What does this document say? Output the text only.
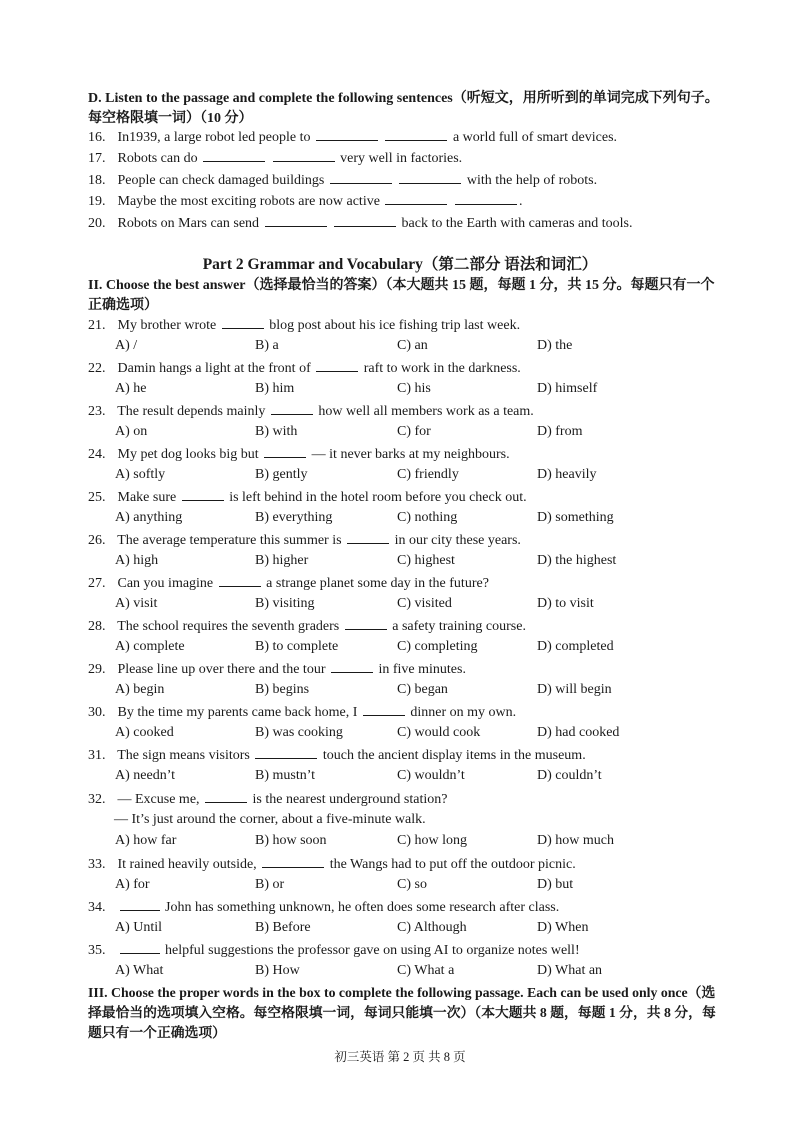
D. Listen to the passage and complete the following sentences（听短文，用所听到的单词完成下列句子。每空格限填一词）（10 分）
16. In1939, a large robot led people to	a world full of smart devices.
17. Robots can do	very well in factories.
18. People can check damaged buildings	with the help of robots.
19. Maybe the most exciting robots are now active	.
20. Robots on Mars can send	back to the Earth with cameras and tools.
Part 2 Grammar and Vocabulary（第二部分 语法和词汇）
II. Choose the best answer（选择最恰当的答案）（本大题共 15 题，每题 1 分，共 15 分。每题只有一个正确选项）
21. My brother wrote	blog post about his ice fishing trip last week.
A) /	B) a	C) an	D) the
22. Damin hangs a light at the front of	raft to work in the darkness.
A) he	B) him	C) his	D) himself
23. The result depends mainly	how well all members work as a team.
A) on	B) with	C) for	D) from
24. My pet dog looks big but	— it never barks at my neighbours.
A) softly	B) gently	C) friendly	D) heavily
25. Make sure	is left behind in the hotel room before you check out.
A) anything	B) everything	C) nothing	D) something
26. The average temperature this summer is	in our city these years.
A) high	B) higher	C) highest	D) the highest
27. Can you imagine	a strange planet some day in the future?
A) visit	B) visiting	C) visited	D) to visit
28. The school requires the seventh graders	a safety training course.
A) complete	B) to complete	C) completing	D) completed
29. Please line up over there and the tour	in five minutes.
A) begin	B) begins	C) began	D) will begin
30. By the time my parents came back home, I	dinner on my own.
A) cooked	B) was cooking	C) would cook	D) had cooked
31. The sign means visitors	touch the ancient display items in the museum.
A) needn’t	B) mustn’t	C) wouldn’t	D) couldn’t
32. — Excuse me,	is the nearest underground station?
— It’s just around the corner, about a five-minute walk.
A) how far	B) how soon	C) how long	D) how much
33. It rained heavily outside,	the Wangs had to put off the outdoor picnic.
A) for	B) or	C) so	D) but
34.	John has something unknown, he often does some research after class.
A) Until	B) Before	C) Although	D) When
35.	helpful suggestions the professor gave on using AI to organize notes well!
A) What	B) How	C) What a	D) What an
III. Choose the proper words in the box to complete the following passage. Each can be used only once（选择最恰当的选项填入空格。每空格限填一词，每词只能填一次）（本大题共 8 题，每题 1 分，共 8 分，每题只有一个正确选项）
初三英语 第 2 页 共 8 页
